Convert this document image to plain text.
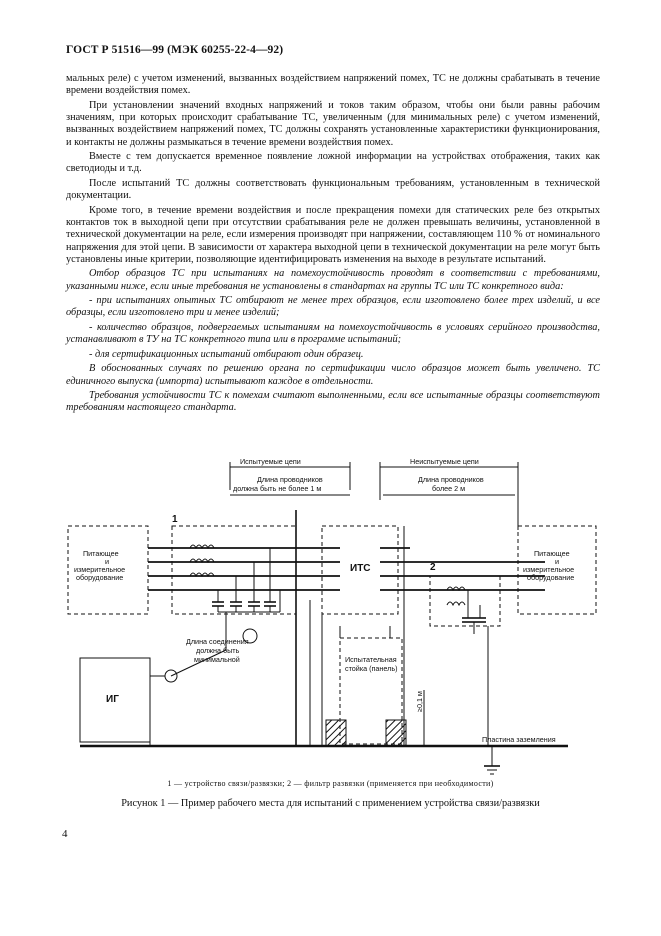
ГОСТ Р 51516—99 (МЭК 60255-22-4—92)

мальных реле) с учетом изменений, вызванных воздействием напряжений помех, ТС не должны срабатывать в течение времени воздействия помех.

При установлении значений входных напряжений и токов таким образом, чтобы они были равны рабочим значениям, при которых происходит срабатывание ТС, увеличенным (для минимальных реле) с учетом изменений, вызванных воздействием напряжений помех, ТС должны сохранять установленные характеристики функционирования, и контакты не должны размыкаться в течение времени воздействия помех.

Вместе с тем допускается временное появление ложной информации на устройствах отображения, таких как светодиоды и т.д.

После испытаний ТС должны соответствовать функциональным требованиям, установленным в технической документации.

Кроме того, в течение времени воздействия и после прекращения помехи для статических реле без открытых контактов ток в выходной цепи при отсутствии срабатывания реле не должен превышать величины, установленной в технической документации на реле, если измерения производят при напряжении, составляющем 110 % от номинального напряжения для этой цепи. В зависимости от характера выходной цепи в технической документации на реле могут быть установлены иные критерии, позволяющие идентифицировать изменения на выходе в результате испытаний.

Отбор образцов ТС при испытаниях на помехоустойчивость проводят в соответствии с требованиями, указанными ниже, если иные требования не установлены в стандартах на группы ТС или ТС конкретного вида:

- при испытаниях опытных ТС отбирают не менее трех образцов, если изготовлено более трех изделий, и все образцы, если изготовлено три и менее изделий;

- количество образцов, подвергаемых испытаниям на помехоустойчивость в условиях серийного производства, устанавливают в ТУ на ТС конкретного типа или в программе испытаний;

- для сертификационных испытаний отбирают один образец.

В обоснованных случаях по решению органа по сертификации число образцов может быть увеличено. ТС единичного выпуска (импорта) испытывают каждое в отдельности.

Требования устойчивости ТС к помехам считают выполненными, если все испытанные образцы соответствуют требованиям настоящего стандарта.

Испытуемые цепи	Неиспытуемые цепи
Длина проводников
должна быть не более 1 м
Длина проводников
более 2 м
Питающее
и
измерительное
оборудование
Питающее
и
измерительное
оборудование
Длина соединения
должна быть
минимальной	Испытательная
стойка (панель)
≥0,1 м
Пластина заземления
ИТС
ИГ
1
2
1 — устройство связи/развязки; 2 — фильтр развязки (применяется при необходимости)
Рисунок 1 — Пример рабочего места для испытаний с применением устройства связи/развязки
4
